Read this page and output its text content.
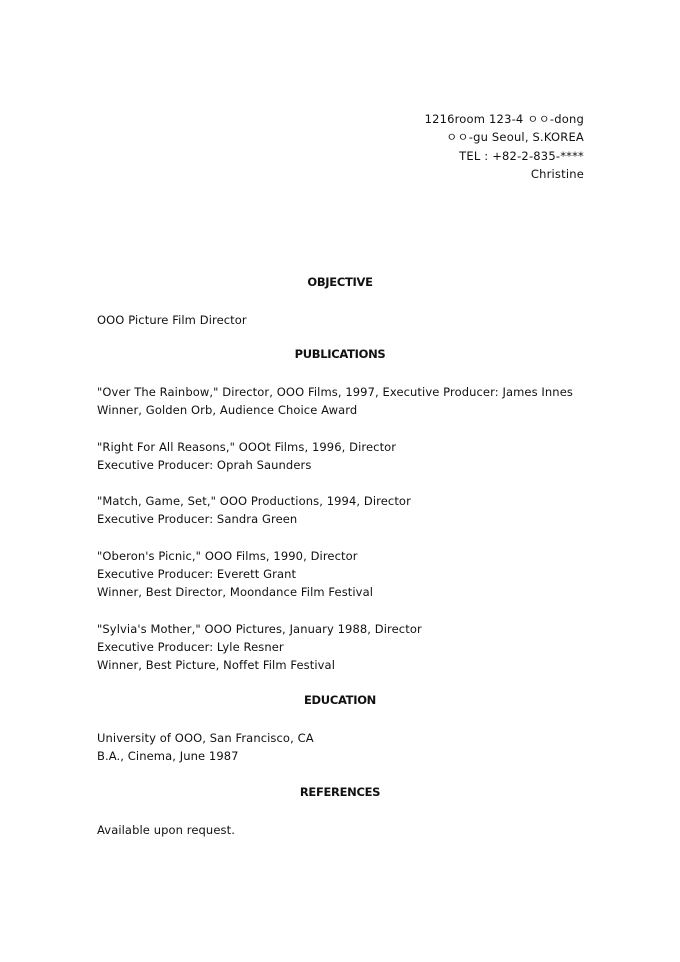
1216room 123-4 ㅇㅇ-dong
ㅇㅇ-gu Seoul, S.KOREA
TEL : +82-2-835-****
Christine
OBJECTIVE
OOO Picture Film Director
PUBLICATIONS
"Over The Rainbow," Director, OOO Films, 1997, Executive Producer: James Innes
Winner, Golden Orb, Audience Choice Award
"Right For All Reasons," OOOt Films, 1996, Director
Executive Producer: Oprah Saunders
"Match, Game, Set," OOO Productions, 1994, Director
Executive Producer: Sandra Green
"Oberon's Picnic," OOO Films, 1990, Director
Executive Producer: Everett Grant
Winner, Best Director, Moondance Film Festival
"Sylvia's Mother," OOO Pictures, January 1988, Director
Executive Producer: Lyle Resner
Winner, Best Picture, Noffet Film Festival
EDUCATION
University of OOO, San Francisco, CA
B.A., Cinema, June 1987
REFERENCES
Available upon request.
